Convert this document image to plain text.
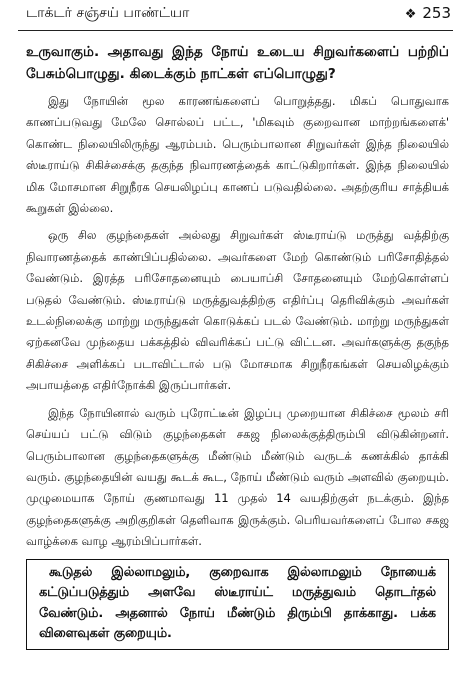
டாக்டர் சஞ்சய் பாண்ட்யா	❖ 253
உருவாகும். அதாவது இந்த நோய் உடைய சிறுவர்களைப் பற்றிப் பேசும்பொழுது. கிடைக்கும் நாட்கள் எப்பொழுது?

இது நோயின் மூல காரணங்களைப் பொறுத்தது. மிகப் பொதுவாக காணப்படுவது மேலே சொல்லப் பட்ட, 'மிகவும் குறைவான மாற்றங்களைக்' கொண்ட நிலையிலிருந்து ஆரம்பம். பெரும்பாலான சிறுவர்கள் இந்த நிலையில் ஸ்டீராய்டு சிகிச்சைக்கு தகுந்த நிவாரணத்தைக் காட்டுகிறார்கள். இந்த நிலையில் மிக மோசமான சிறுநீரக செயலிழப்பு காணப் படுவதில்லை. அதற்குரிய சாத்தியக் கூறுகள் இல்லை.

ஒரு சில குழந்தைகள் அல்லது சிறுவர்கள் ஸ்டீராய்டு மருத்து வத்திற்கு நிவாரணத்தைக் காண்பிப்பதில்லை. அவர்களை மேற் கொண்டும் பரிசோதித்தல் வேண்டும். இரத்த பரிசோதனையும் பையாப்சி சோதனையும் மேற்கொள்ளப் படுதல் வேண்டும். ஸ்டீராய்டு மருத்துவத்திற்கு எதிர்ப்பு தெரிவிக்கும் அவர்கள் உடல்நிலைக்கு மாற்று மருந்துகள் கொடுக்கப் படல் வேண்டும். மாற்று மருந்துகள் ஏற்கனவே முந்தைய பக்கத்தில் விவரிக்கப் பட்டு விட்டன. அவர்களுக்கு தகுந்த சிகிச்சை அளிக்கப் படாவிட்டால் படு மோசமாக சிறுநீரகங்கள் செயலிழக்கும் அபாயத்தை எதிர்நோக்கி இருப்பார்கள்.

இந்த நோயினால் வரும் புரோட்டீன் இழப்பு முறையான சிகிச்சை மூலம் சரி செய்யப் பட்டு விடும் குழந்தைகள் சகஜ நிலைக்குத்திரும்பி விடுகின்றனர். பெரும்பாலான குழந்தைகளுக்கு மீண்டும் மீண்டும் வருடக் கணக்கில் தாக்கி வரும். குழந்தையின் வயது கூடக் கூட, நோய் மீண்டும் வரும் அளவில் குறையும். முழுமையாக நோய் குணமாவது 11 முதல் 14 வயதிற்குள் நடக்கும். இந்த குழந்தைகளுக்கு அறிகுறிகள் தெளிவாக இருக்கும். பெரியவர்களைப் போல சகஜ வாழ்க்கை வாழ ஆரம்பிப்பார்கள்.

கூடுதல் இல்லாமலும், குறைவாக இல்லாமலும் நோயைக் கட்டுப்படுத்தும் அளவே ஸ்டீராய்ட் மருத்துவம் தொடர்தல் வேண்டும். அதனால் நோய் மீண்டும் திரும்பி தாக்காது. பக்க விளைவுகள் குறையும்.
